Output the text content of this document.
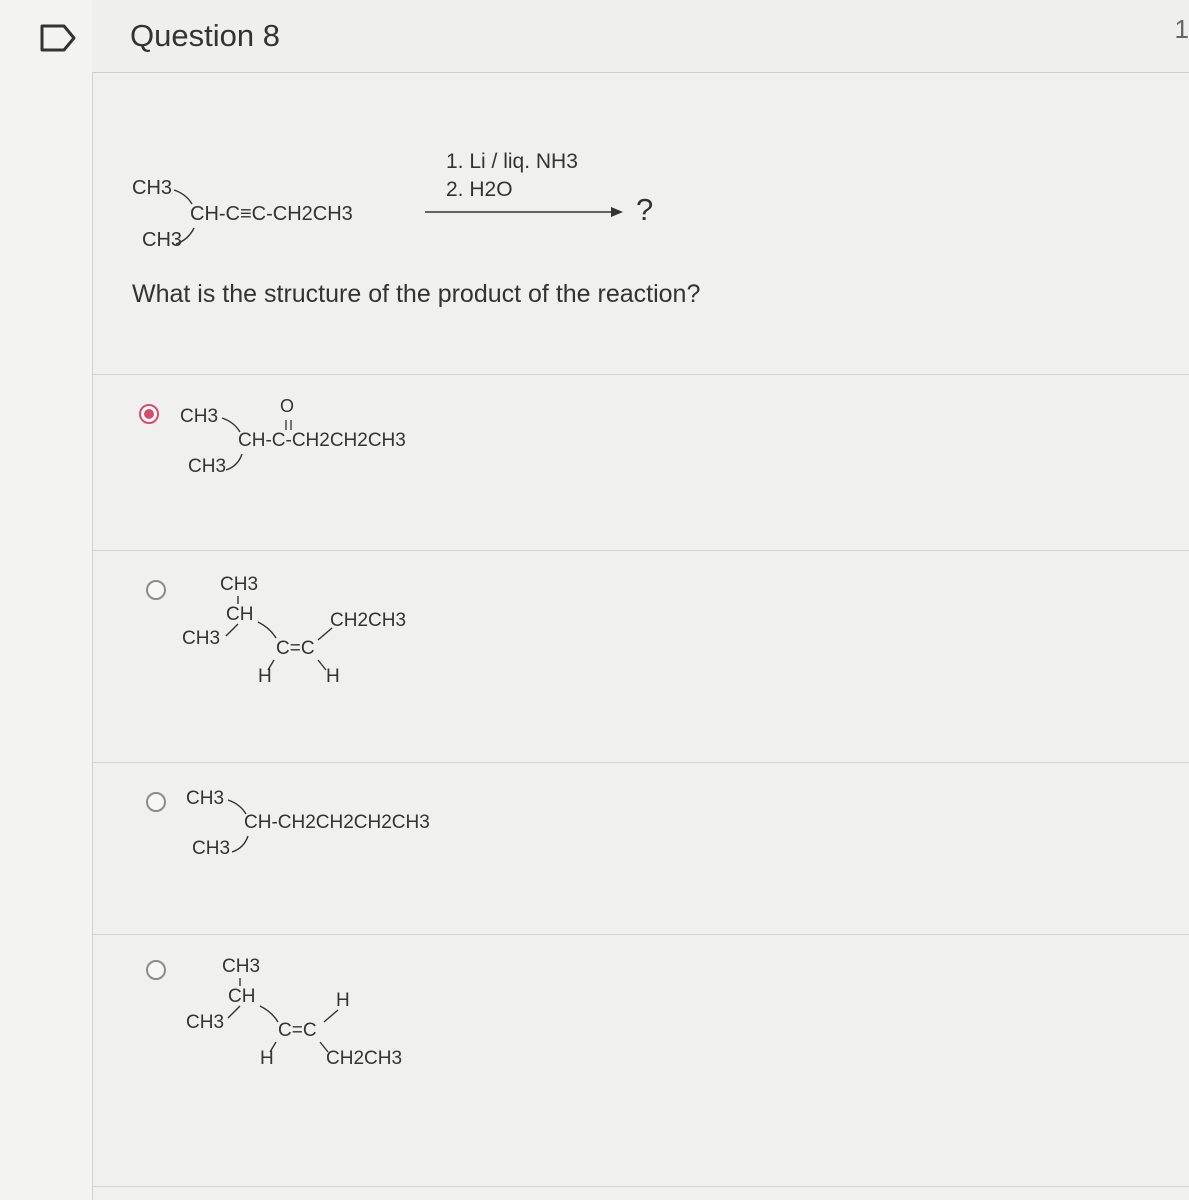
Question 8	1
CH3
CH-C≡C-CH2CH3
CH3
1. Li / liq. NH3
2. H2O
?
What is the structure of the product of the reaction?
O
CH3
CH-C-CH2CH2CH3
CH3
CH3
CH
CH3	C=C
CH2CH3
H	H
CH3
CH-CH2CH2CH2CH3
CH3
CH3
CH
CH3
H
C=C
H	CH2CH3
